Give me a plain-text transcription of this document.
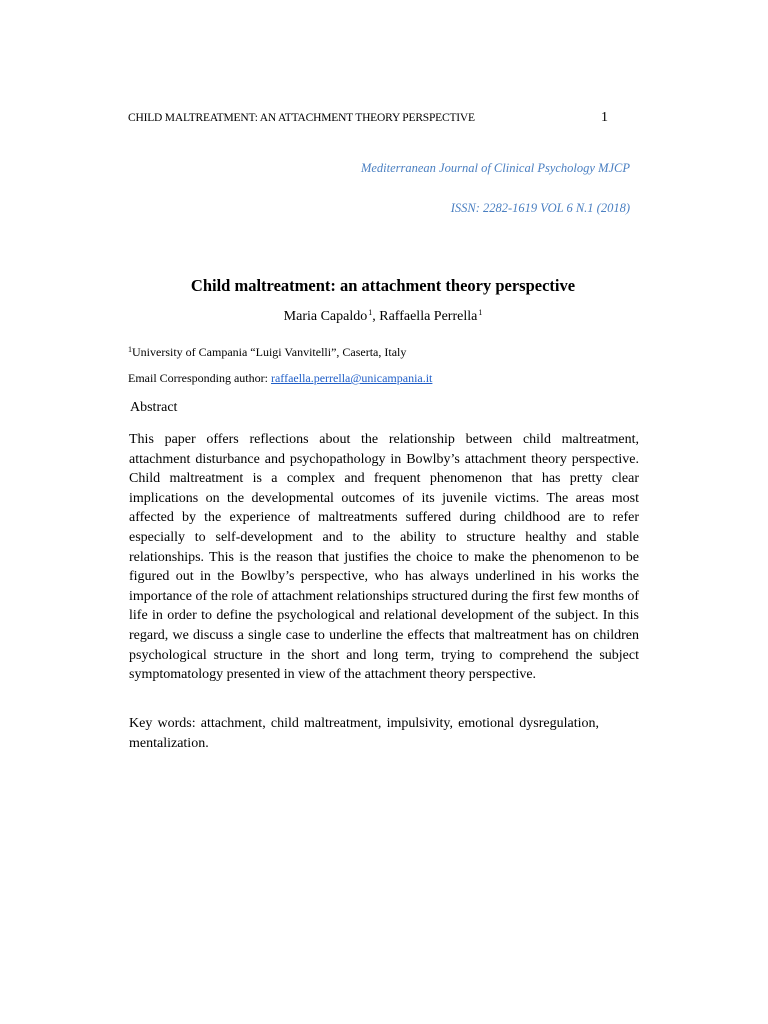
CHILD MALTREATMENT: AN ATTACHMENT THEORY PERSPECTIVE	1
Mediterranean Journal of Clinical Psychology MJCP
ISSN: 2282-1619 VOL 6 N.1 (2018)
Child maltreatment: an attachment theory perspective
Maria Capaldo$^1$, Raffaella Perrella$^1$
$^1$University of Campania “Luigi Vanvitelli”, Caserta, Italy
Email Corresponding author: raffaella.perrella@unicampania.it
Abstract
This paper offers reflections about the relationship between child maltreatment, attachment disturbance and psychopathology in Bowlby’s attachment theory perspective. Child maltreatment is a complex and frequent phenomenon that has pretty clear implications on the developmental outcomes of its juvenile victims. The areas most affected by the experience of maltreatments suffered during childhood are to refer especially to self-development and to the ability to structure healthy and stable relationships. This is the reason that justifies the choice to make the phenomenon to be figured out in the Bowlby’s perspective, who has always underlined in his works the importance of the role of attachment relationships structured during the first few months of life in order to define the psychological and relational development of the subject. In this regard, we discuss a single case to underline the effects that maltreatment has on children psychological structure in the short and long term, trying to comprehend the subject symptomatology presented in view of the attachment theory perspective.
Key words: attachment, child maltreatment, impulsivity, emotional dysregulation, mentalization.
